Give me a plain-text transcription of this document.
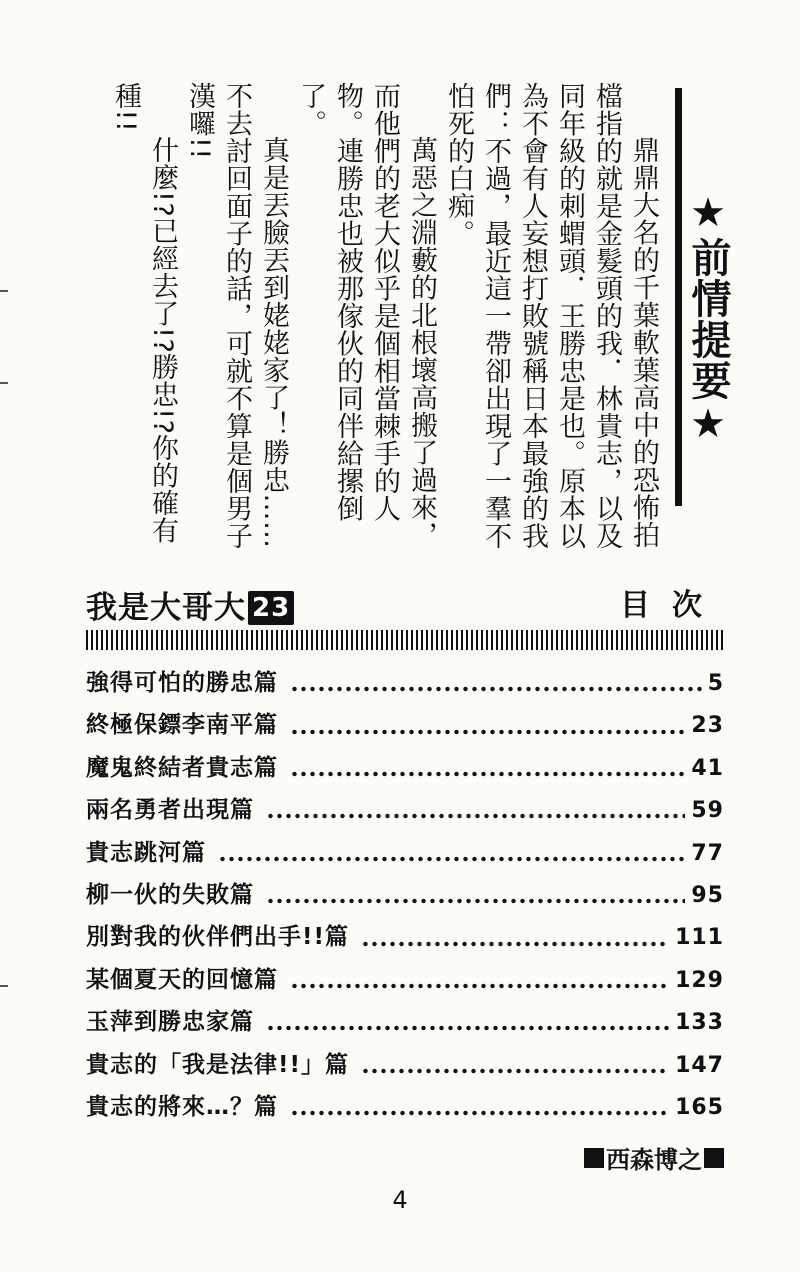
★前情提要★

鼎鼎大名的千葉軟葉高中的恐怖拍檔指的就是金髮頭的我．林貴志，以及同年級的刺蝟頭．王勝忠是也。原本以為不會有人妄想打敗號稱日本最強的我們：不過，最近這一帶卻出現了一羣不怕死的白痴。

萬惡之淵藪的北根壞高搬了過來，而他們的老大似乎是個相當棘手的人物。連勝忠也被那傢伙的同伴給摞倒了。

真是丟臉丟到姥姥家了！勝忠……不去討回面子的話，可就不算是個男子漢囉!!

什麼!?已經去了!?勝忠!?你的確有種!!

我是大哥大 23	目次
強得可怕的勝忠篇	5
終極保鏢李南平篇	23
魔鬼終結者貴志篇	41
兩名勇者出現篇	59
貴志跳河篇	77
柳一伙的失敗篇	95
別對我的伙伴們出手!!篇	111
某個夏天的回憶篇	129
玉萍到勝忠家篇	133
貴志的「我是法律!!」篇	147
貴志的將來…？篇	165
西森博之
4
